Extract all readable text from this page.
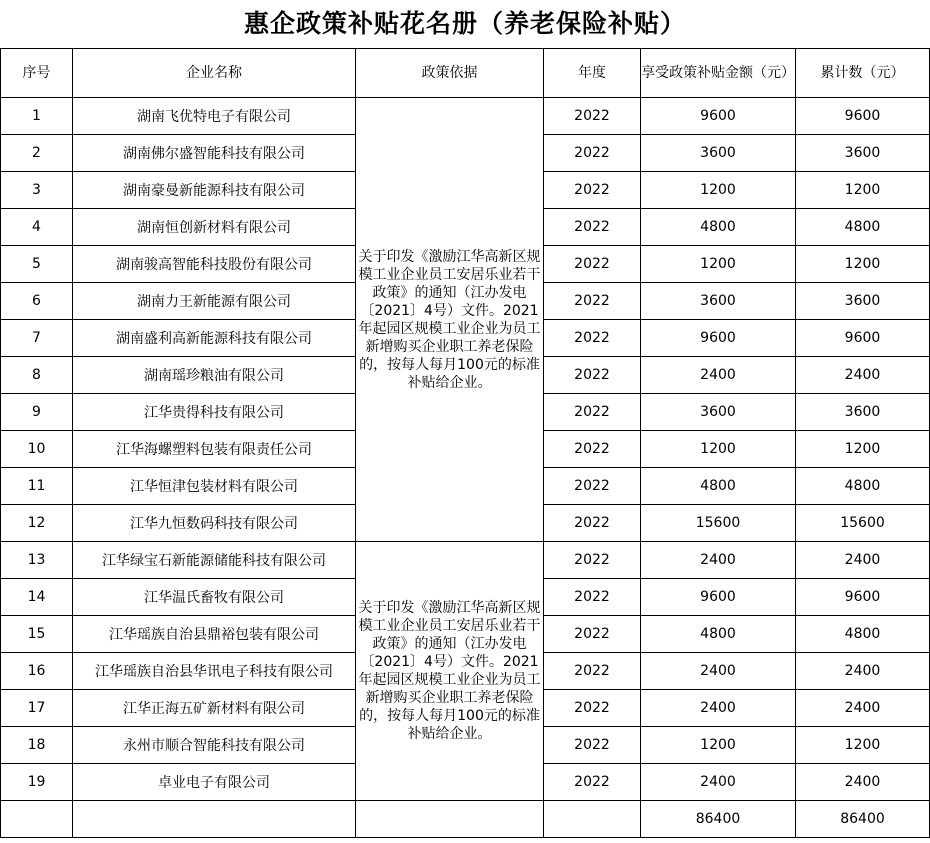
惠企政策补贴花名册（养老保险补贴）
序号	企业名称	政策依据	年度	享受政策补贴金额（元）	累计数（元）
1	湖南飞优特电子有限公司	关于印发《激励江华高新区规模工业企业员工安居乐业若干政策》的通知（江办发电〔2021〕4号）文件。2021年起园区规模工业企业为员工新增购买企业职工养老保险的，按每人每月100元的标准补贴给企业。	2022	9600	9600
2	湖南佛尔盛智能科技有限公司		2022	3600	3600
3	湖南豪曼新能源科技有限公司		2022	1200	1200
4	湖南恒创新材料有限公司		2022	4800	4800
5	湖南骏高智能科技股份有限公司		2022	1200	1200
6	湖南力王新能源有限公司		2022	3600	3600
7	湖南盛利高新能源科技有限公司		2022	9600	9600
8	湖南瑶珍粮油有限公司		2022	2400	2400
9	江华贵得科技有限公司		2022	3600	3600
10	江华海螺塑料包装有限责任公司		2022	1200	1200
11	江华恒津包装材料有限公司		2022	4800	4800
12	江华九恒数码科技有限公司		2022	15600	15600
13	江华绿宝石新能源储能科技有限公司	关于印发《激励江华高新区规模工业企业员工安居乐业若干政策》的通知（江办发电〔2021〕4号）文件。2021年起园区规模工业企业为员工新增购买企业职工养老保险的，按每人每月100元的标准补贴给企业。	2022	2400	2400
14	江华温氏畜牧有限公司		2022	9600	9600
15	江华瑶族自治县鼎裕包装有限公司		2022	4800	4800
16	江华瑶族自治县华讯电子科技有限公司		2022	2400	2400
17	江华正海五矿新材料有限公司		2022	2400	2400
18	永州市顺合智能科技有限公司		2022	1200	1200
19	卓业电子有限公司		2022	2400	2400
				86400	86400
